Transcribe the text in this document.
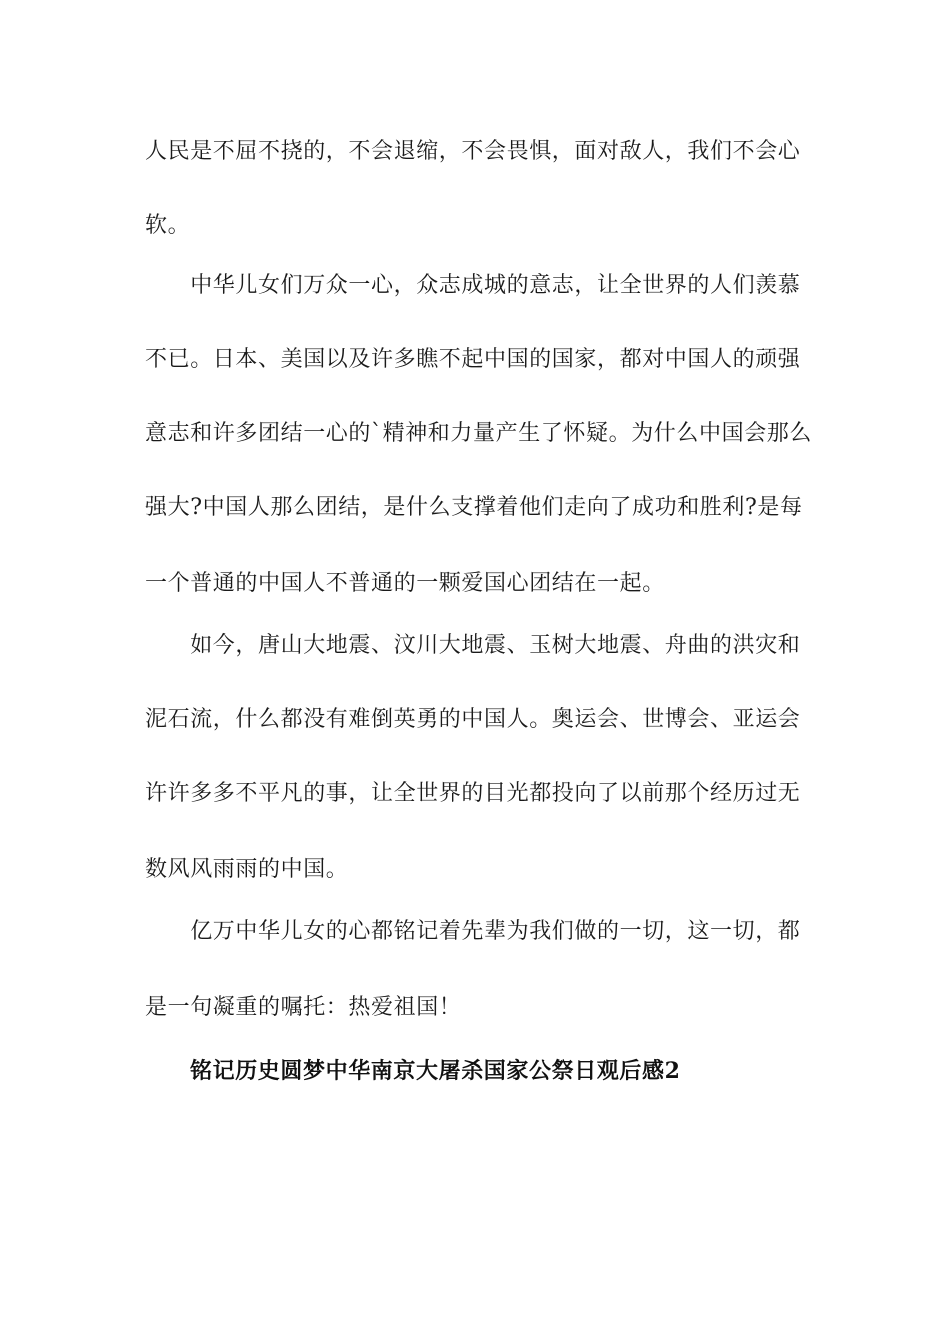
人民是不屈不挠的，不会退缩，不会畏惧，面对敌人，我们不会心
软。
　　中华儿女们万众一心，众志成城的意志，让全世界的人们羡慕
不已。日本、美国以及许多瞧不起中国的国家，都对中国人的顽强
意志和许多团结一心的`精神和力量产生了怀疑。为什么中国会那么
强大?中国人那么团结，是什么支撑着他们走向了成功和胜利?是每
一个普通的中国人不普通的一颗爱国心团结在一起。
　　如今，唐山大地震、汶川大地震、玉树大地震、舟曲的洪灾和
泥石流，什么都没有难倒英勇的中国人。奥运会、世博会、亚运会
许许多多不平凡的事，让全世界的目光都投向了以前那个经历过无
数风风雨雨的中国。
　　亿万中华儿女的心都铭记着先辈为我们做的一切，这一切，都
是一句凝重的嘱托：热爱祖国！
铭记历史圆梦中华南京大屠杀国家公祭日观后感2
